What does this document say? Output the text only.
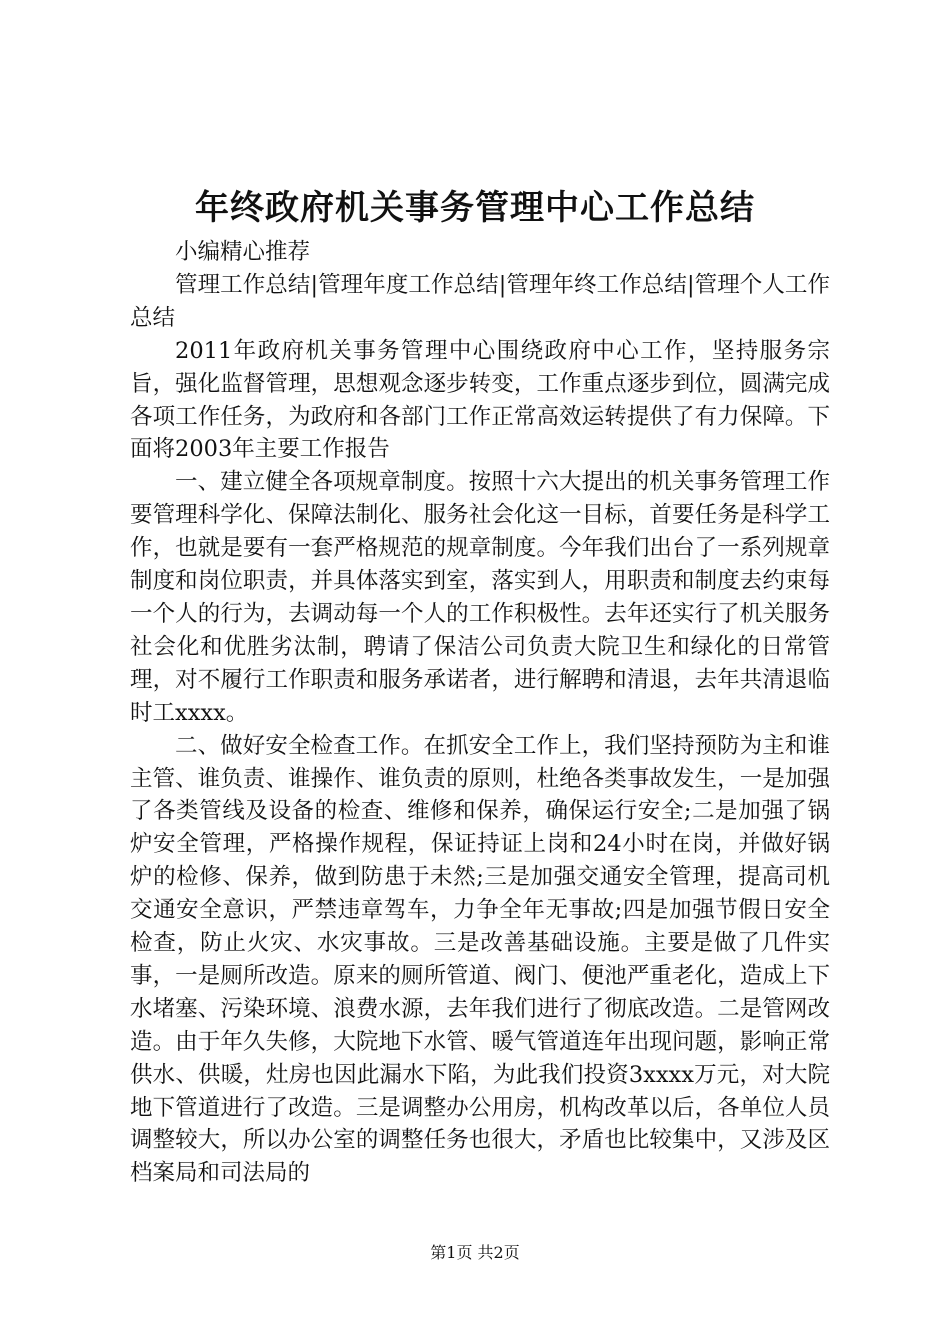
年终政府机关事务管理中心工作总结

小编精心推荐

管理工作总结|管理年度工作总结|管理年终工作总结|管理个人工作总结

2011年政府机关事务管理中心围绕政府中心工作，坚持服务宗旨，强化监督管理，思想观念逐步转变，工作重点逐步到位，圆满完成各项工作任务，为政府和各部门工作正常高效运转提供了有力保障。下面将2003年主要工作报告

一、建立健全各项规章制度。按照十六大提出的机关事务管理工作要管理科学化、保障法制化、服务社会化这一目标，首要任务是科学工作，也就是要有一套严格规范的规章制度。今年我们出台了一系列规章制度和岗位职责，并具体落实到室，落实到人，用职责和制度去约束每一个人的行为，去调动每一个人的工作积极性。去年还实行了机关服务社会化和优胜劣汰制，聘请了保洁公司负责大院卫生和绿化的日常管理，对不履行工作职责和服务承诺者，进行解聘和清退，去年共清退临时工xxxx。

二、做好安全检查工作。在抓安全工作上，我们坚持预防为主和谁主管、谁负责、谁操作、谁负责的原则，杜绝各类事故发生，一是加强了各类管线及设备的检查、维修和保养，确保运行安全;二是加强了锅炉安全管理，严格操作规程，保证持证上岗和24小时在岗，并做好锅炉的检修、保养，做到防患于未然;三是加强交通安全管理，提高司机交通安全意识，严禁违章驾车，力争全年无事故;四是加强节假日安全检查，防止火灾、水灾事故。三是改善基础设施。主要是做了几件实事，一是厕所改造。原来的厕所管道、阀门、便池严重老化，造成上下水堵塞、污染环境、浪费水源，去年我们进行了彻底改造。二是管网改造。由于年久失修，大院地下水管、暖气管道连年出现问题，影响正常供水、供暖，灶房也因此漏水下陷，为此我们投资3xxxx万元，对大院地下管道进行了改造。三是调整办公用房，机构改革以后，各单位人员调整较大，所以办公室的调整任务也很大，矛盾也比较集中，又涉及区档案局和司法局的

第1页 共2页
